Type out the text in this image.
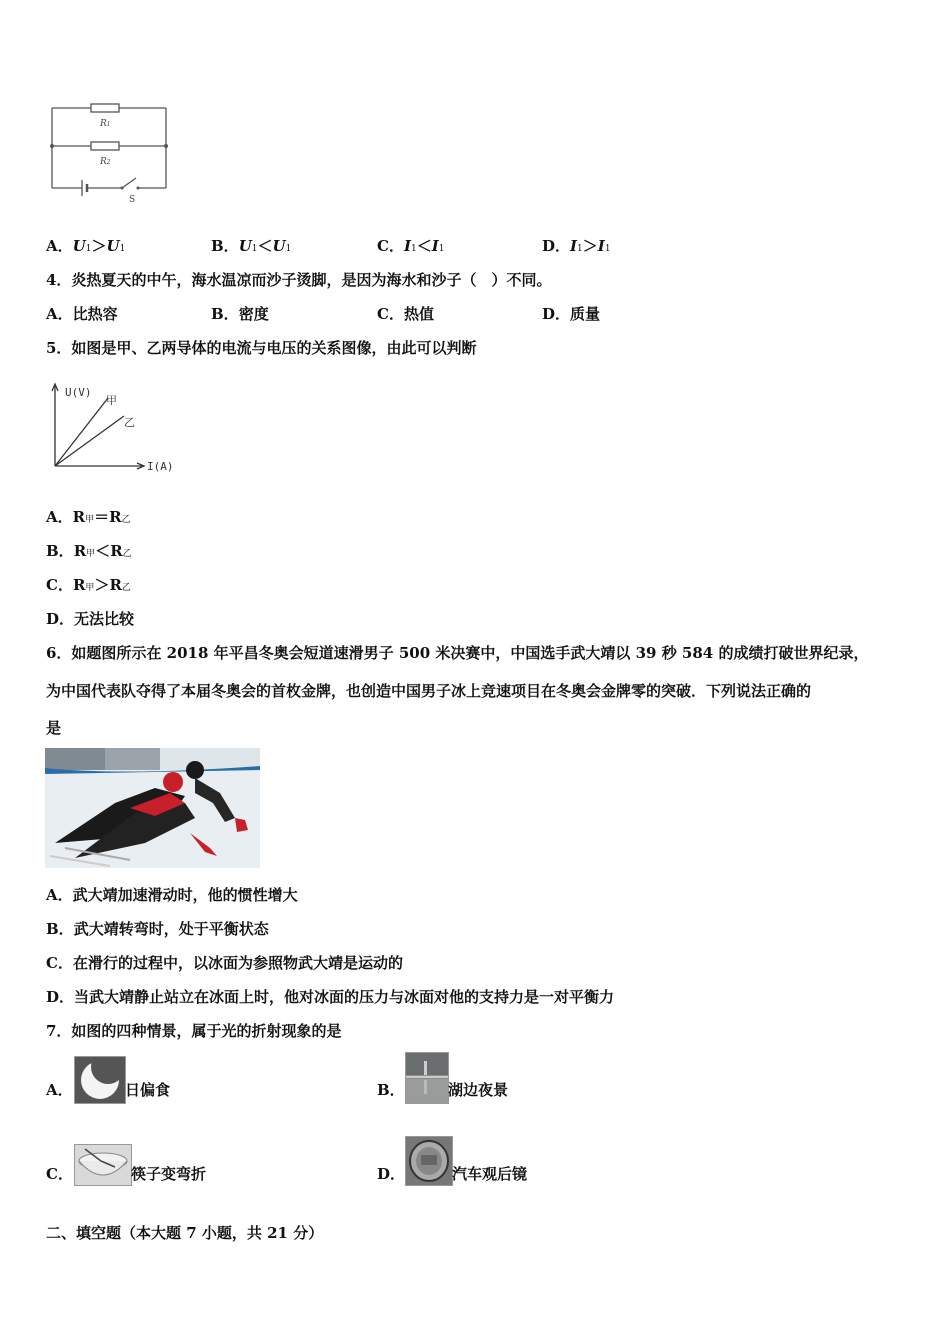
R1
R2
S
A．U1＞U1	B．U1＜U1	C．I1＜I1	D．I1＞I1
4．炎热夏天的中午，海水温凉而沙子烫脚，是因为海水和沙子（　）不同。
A．比热容	B．密度	C．热值	D．质量
5．如图是甲、乙两导体的电流与电压的关系图像，由此可以判断
U(V)
I(A)
甲
乙
A．R甲＝R乙
B．R甲＜R乙
C．R甲＞R乙
D．无法比较
6．如题图所示在 2018 年平昌冬奥会短道速滑男子 500 米决赛中，中国选手武大靖以 39 秒 584 的成绩打破世界纪录，
为中国代表队夺得了本届冬奥会的首枚金牌，也创造中国男子冰上竞速项目在冬奥会金牌零的突破．下列说法正确的
是
A．武大靖加速滑动时，他的惯性增大
B．武大靖转弯时，处于平衡状态
C．在滑行的过程中，以冰面为参照物武大靖是运动的
D．当武大靖静止站立在冰面上时，他对冰面的压力与冰面对他的支持力是一对平衡力
7．如图的四种情景，属于光的折射现象的是
A．	日偏食	B．	湖边夜景
C．	筷子变弯折	D．	汽车观后镜
二、填空题（本大题 7 小题，共 21 分）
